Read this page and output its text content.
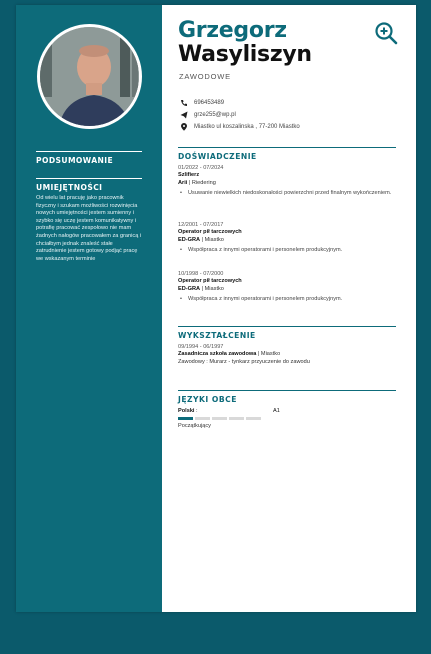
PODSUMOWANIE
UMIEJĘTNOŚCI
Od wielu lat pracuję jako pracownik fizyczny i szukam możliwości rozwinięcia nowych umiejętności jestem sumienny i szybko się uczę jestem komunikatywny i potrafię pracować zespołowo nie mam żadnych nałogów pracowałem za granicą i chciałbym jednak znaleść stałe zatrudnienie jestem gotowy podjąć pracę we wskazanym terminie
Grzegorz
Wasyliszyn
ZAWODOWE
696453489
grze255@wp.pl
Miastko ul koszalinska , 77-200 Miastko
DOŚWIADCZENIE
01/2022 - 07/2024
Szlifierz
Arii | Riedering
• Usuwanie niewielkich niedoskonałości powierzchni przed finalnym wykończeniem.
12/2001 - 07/2017
Operator pił tarczowych
ED-GRA | Miastko
• Współpraca z innymi operatorami i personelem produkcyjnym.
10/1998 - 07/2000
Operator pił tarczowych
ED-GRA | Miastko
• Współpraca z innymi operatorami i personelem produkcyjnym.
WYKSZTAŁCENIE
09/1994 - 06/1997
Zasadnicza szkoła zawodowa | Miastko
Zawodowy : Murarz - tynkarz przyuczenie do zawodu
JĘZYKI OBCE
Polski :	A1
Początkujący
